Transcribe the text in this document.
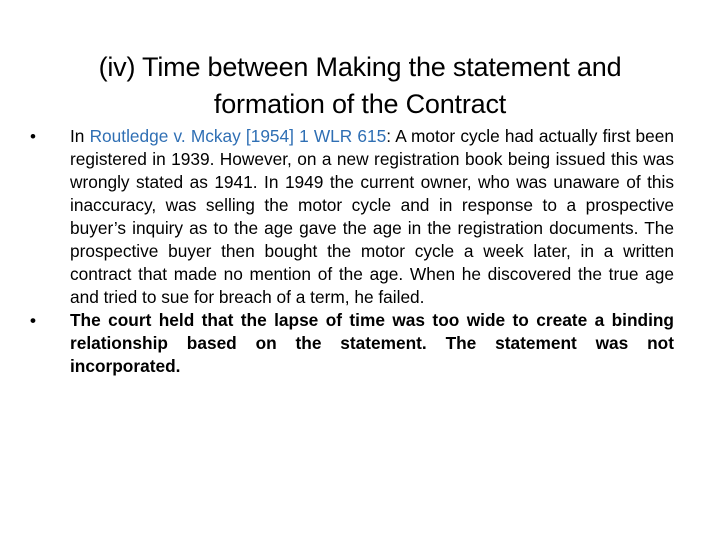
(iv) Time between Making the statement and
formation of the Contract
•	In Routledge v. Mckay [1954] 1 WLR 615: A motor cycle had actually first been registered in 1939. However, on a new registration book being issued this was wrongly stated as 1941. In 1949 the current owner, who was unaware of this inaccuracy, was selling the motor cycle and in response to a prospective buyer’s inquiry as to the age gave the age in the registration documents. The prospective buyer then bought the motor cycle a week later, in a written contract that made no mention of the age. When he discovered the true age and tried to sue for breach of a term, he failed.
•	The court held that the lapse of time was too wide to create a binding relationship based on the statement. The statement was not incorporated.
